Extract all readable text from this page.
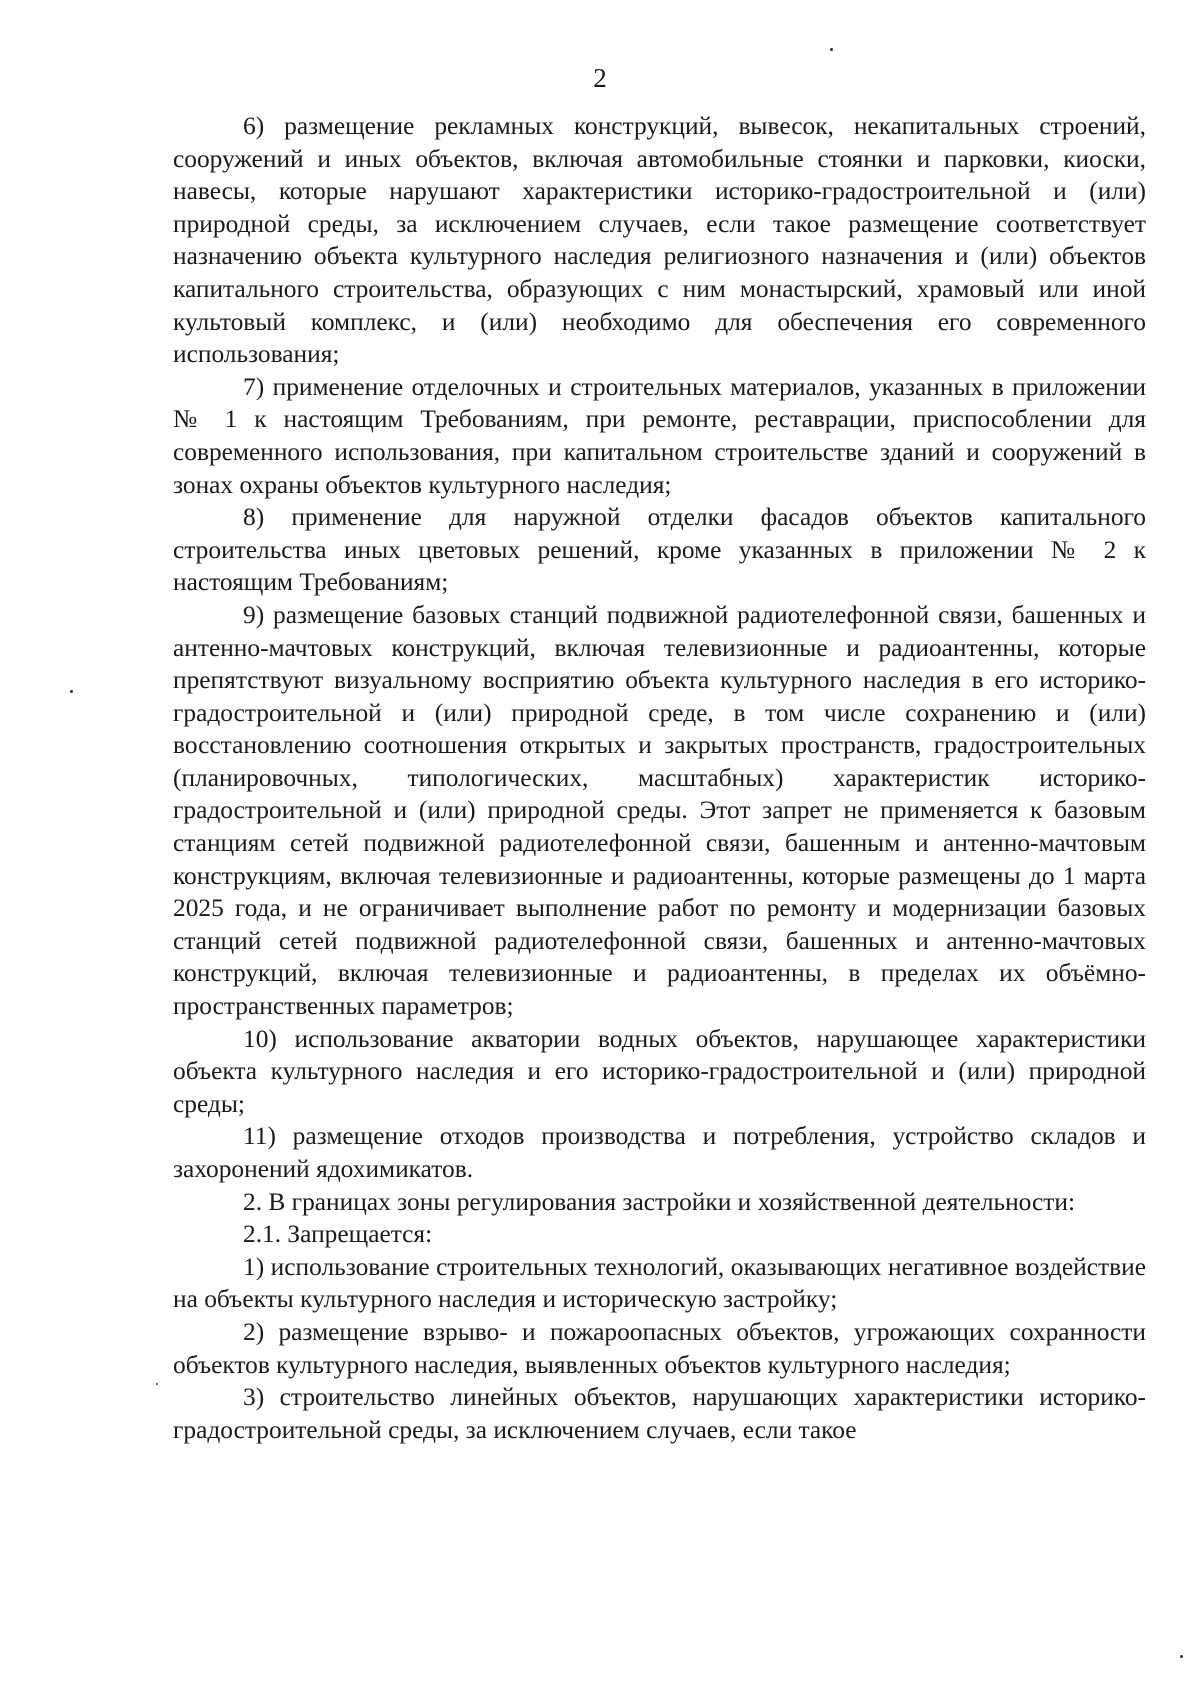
2

6) размещение рекламных конструкций, вывесок, некапитальных строений, сооружений и иных объектов, включая автомобильные стоянки и парковки, киоски, навесы, которые нарушают характеристики историко-градостроительной и (или) природной среды, за исключением случаев, если такое размещение соответствует назначению объекта культурного наследия религиозного назначения и (или) объектов капитального строительства, образующих с ним монастырский, храмовый или иной культовый комплекс, и (или) необходимо для обеспечения его современного использования;

7) применение отделочных и строительных материалов, указанных в приложении № 1 к настоящим Требованиям, при ремонте, реставрации, приспособлении для современного использования, при капитальном строительстве зданий и сооружений в зонах охраны объектов культурного наследия;

8) применение для наружной отделки фасадов объектов капитального строительства иных цветовых решений, кроме указанных в приложении № 2 к настоящим Требованиям;

9) размещение базовых станций подвижной радиотелефонной связи, башенных и антенно-мачтовых конструкций, включая телевизионные и радиоантенны, которые препятствуют визуальному восприятию объекта культурного наследия в его историко-градостроительной и (или) природной среде, в том числе сохранению и (или) восстановлению соотношения открытых и закрытых пространств, градостроительных (планировочных, типологических, масштабных) характеристик историко-градостроительной и (или) природной среды. Этот запрет не применяется к базовым станциям сетей подвижной радиотелефонной связи, башенным и антенно-мачтовым конструкциям, включая телевизионные и радиоантенны, которые размещены до 1 марта 2025 года, и не ограничивает выполнение работ по ремонту и модернизации базовых станций сетей подвижной радиотелефонной связи, башенных и антенно-мачтовых конструкций, включая телевизионные и радиоантенны, в пределах их объёмно-пространственных параметров;

10) использование акватории водных объектов, нарушающее характеристики объекта культурного наследия и его историко-градостроительной и (или) природной среды;

11) размещение отходов производства и потребления, устройство складов и захоронений ядохимикатов.

2. В границах зоны регулирования застройки и хозяйственной деятельности:

2.1. Запрещается:

1) использование строительных технологий, оказывающих негативное воздействие на объекты культурного наследия и историческую застройку;

2) размещение взрыво- и пожароопасных объектов, угрожающих сохранности объектов культурного наследия, выявленных объектов культурного наследия;

3) строительство линейных объектов, нарушающих характеристики историко-градостроительной среды, за исключением случаев, если такое
